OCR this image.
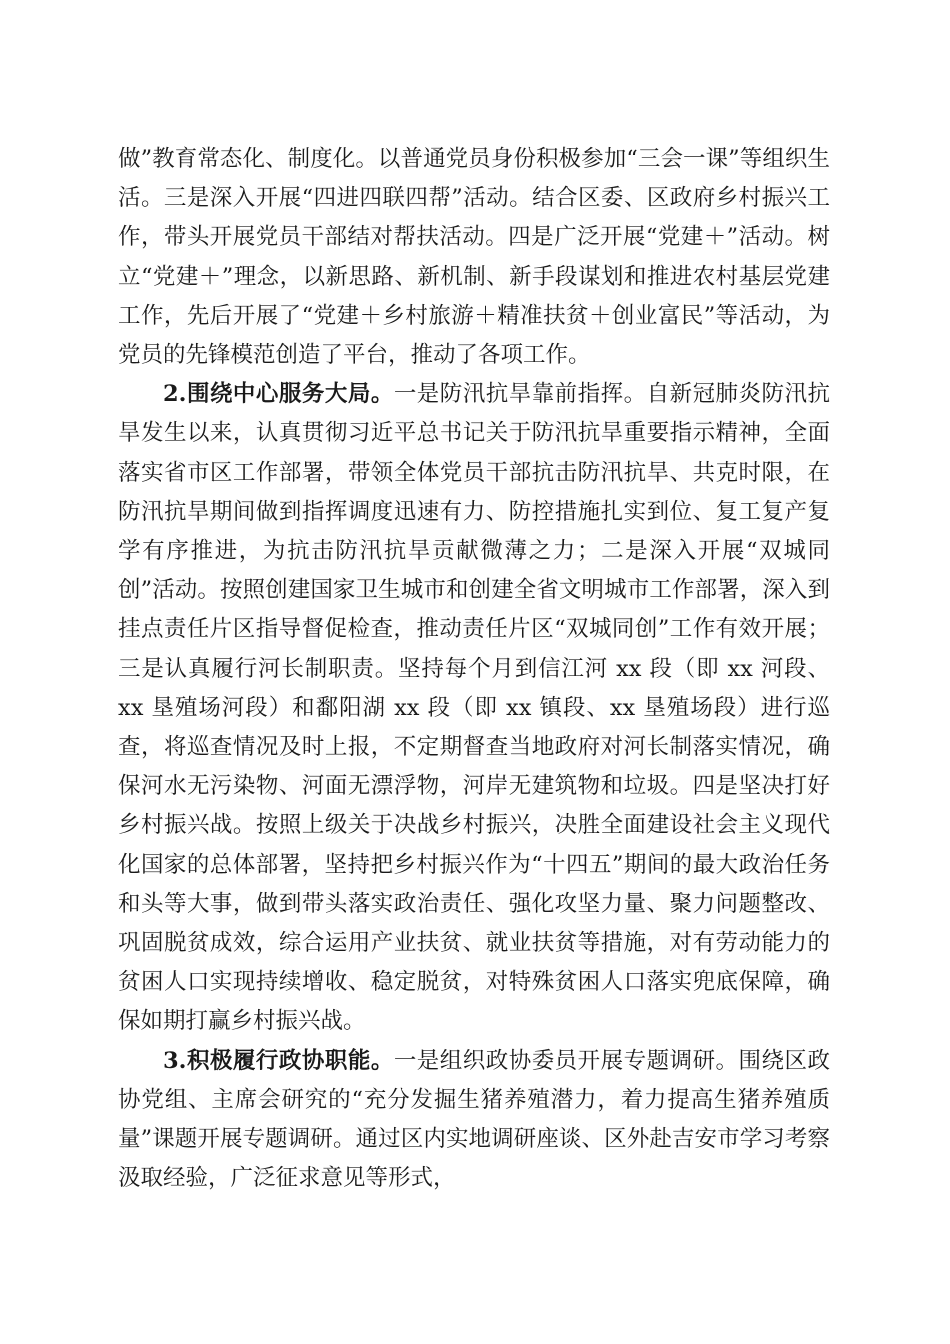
做”教育常态化、制度化。以普通党员身份积极参加“三会一课”等组织生活。三是深入开展“四进四联四帮”活动。结合区委、区政府乡村振兴工作，带头开展党员干部结对帮扶活动。四是广泛开展“党建＋”活动。树立“党建＋”理念，以新思路、新机制、新手段谋划和推进农村基层党建工作，先后开展了“党建＋乡村旅游＋精准扶贫＋创业富民”等活动，为党员的先锋模范创造了平台，推动了各项工作。

2.围绕中心服务大局。一是防汛抗旱靠前指挥。自新冠肺炎防汛抗旱发生以来，认真贯彻习近平总书记关于防汛抗旱重要指示精神，全面落实省市区工作部署，带领全体党员干部抗击防汛抗旱、共克时限，在防汛抗旱期间做到指挥调度迅速有力、防控措施扎实到位、复工复产复学有序推进，为抗击防汛抗旱贡献微薄之力；二是深入开展“双城同创”活动。按照创建国家卫生城市和创建全省文明城市工作部署，深入到挂点责任片区指导督促检查，推动责任片区“双城同创”工作有效开展；三是认真履行河长制职责。坚持每个月到信江河 xx 段（即 xx 河段、xx 垦殖场河段）和鄱阳湖 xx 段（即 xx 镇段、xx 垦殖场段）进行巡查，将巡查情况及时上报，不定期督查当地政府对河长制落实情况，确保河水无污染物、河面无漂浮物，河岸无建筑物和垃圾。四是坚决打好乡村振兴战。按照上级关于决战乡村振兴，决胜全面建设社会主义现代化国家的总体部署，坚持把乡村振兴作为“十四五”期间的最大政治任务和头等大事，做到带头落实政治责任、强化攻坚力量、聚力问题整改、巩固脱贫成效，综合运用产业扶贫、就业扶贫等措施，对有劳动能力的贫困人口实现持续增收、稳定脱贫，对特殊贫困人口落实兜底保障，确保如期打赢乡村振兴战。

3.积极履行政协职能。一是组织政协委员开展专题调研。围绕区政协党组、主席会研究的“充分发掘生猪养殖潜力，着力提高生猪养殖质量”课题开展专题调研。通过区内实地调研座谈、区外赴吉安市学习考察汲取经验，广泛征求意见等形式，
